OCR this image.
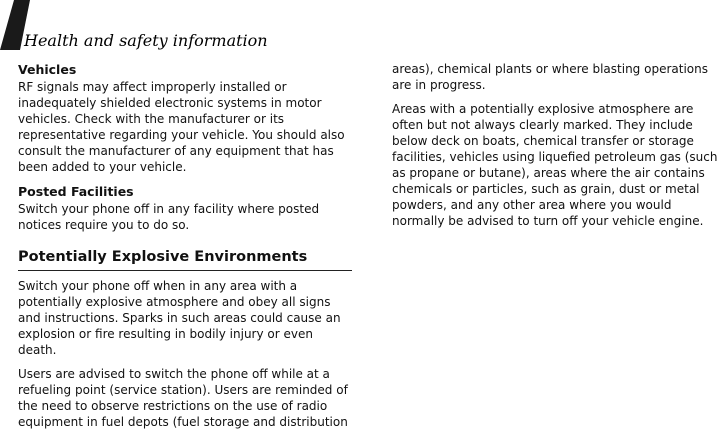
Health and safety information
Vehicles

RF signals may affect improperly installed or inadequately shielded electronic systems in motor vehicles. Check with the manufacturer or its representative regarding your vehicle. You should also consult the manufacturer of any equipment that has been added to your vehicle.

Posted Facilities

Switch your phone off in any facility where posted notices require you to do so.

Potentially Explosive Environments

Switch your phone off when in any area with a potentially explosive atmosphere and obey all signs and instructions. Sparks in such areas could cause an explosion or fire resulting in bodily injury or even death.

Users are advised to switch the phone off while at a refueling point (service station). Users are reminded of the need to observe restrictions on the use of radio equipment in fuel depots (fuel storage and distribution

areas), chemical plants or where blasting operations are in progress.

Areas with a potentially explosive atmosphere are often but not always clearly marked. They include below deck on boats, chemical transfer or storage facilities, vehicles using liquefied petroleum gas (such as propane or butane), areas where the air contains chemicals or particles, such as grain, dust or metal powders, and any other area where you would normally be advised to turn off your vehicle engine.
